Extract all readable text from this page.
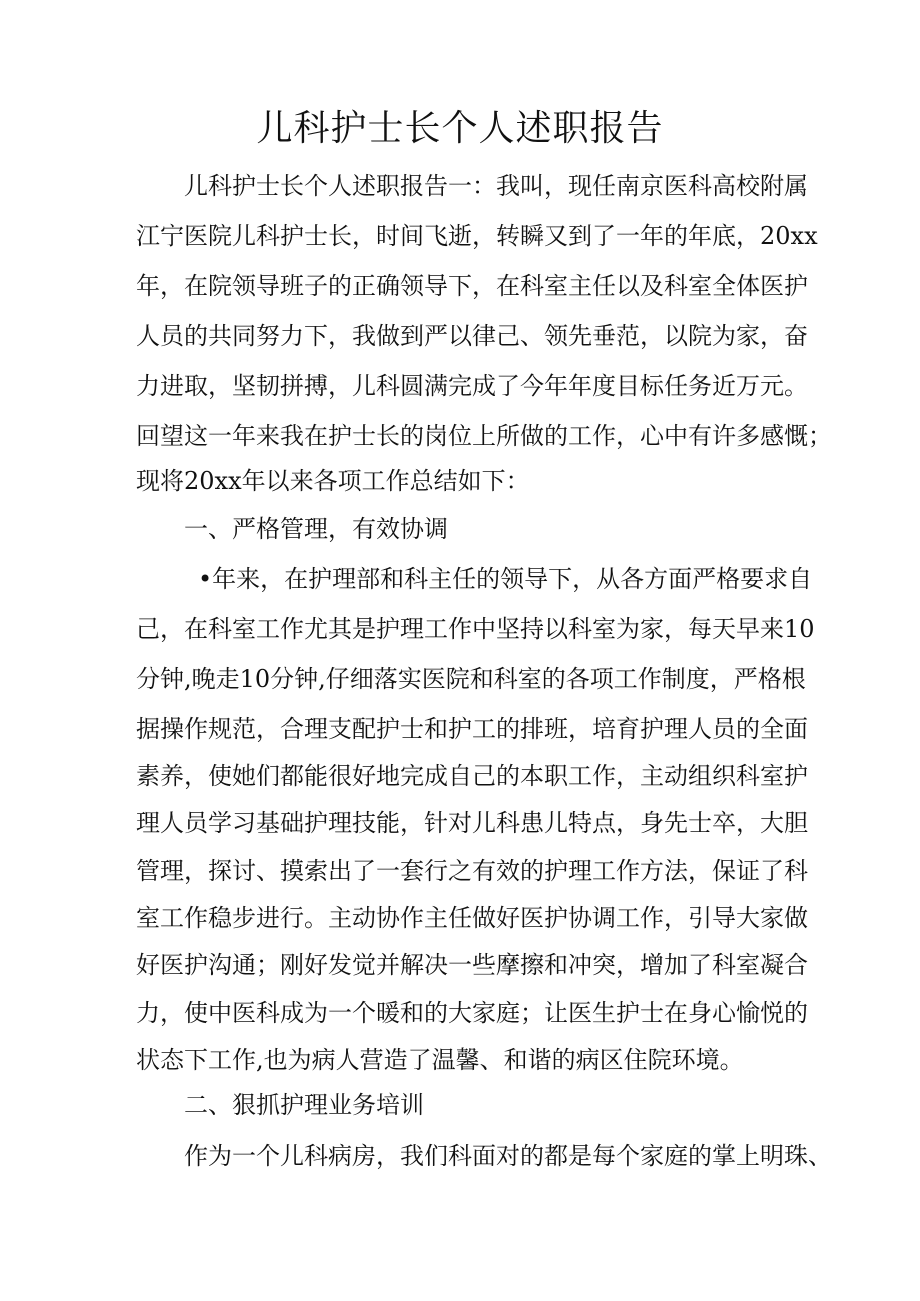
儿科护士长个人述职报告
儿科护士长个人述职报告一：我叫，现任南京医科高校附属
江宁医院儿科护士长，时间飞逝，转瞬又到了一年的年底，20xx
年，在院领导班子的正确领导下，在科室主任以及科室全体医护
人员的共同努力下，我做到严以律己、领先垂范，以院为家，奋
力进取，坚韧拼搏，儿科圆满完成了今年年度目标任务近万元。
回望这一年来我在护士长的岗位上所做的工作，心中有许多感慨；
现将20xx年以来各项工作总结如下：
一、严格管理，有效协调
•年来，在护理部和科主任的领导下，从各方面严格要求自
己，在科室工作尤其是护理工作中坚持以科室为家，每天早来10
分钟,晚走10分钟,仔细落实医院和科室的各项工作制度，严格根
据操作规范，合理支配护士和护工的排班，培育护理人员的全面
素养，使她们都能很好地完成自己的本职工作，主动组织科室护
理人员学习基础护理技能，针对儿科患儿特点，身先士卒，大胆
管理，探讨、摸索出了一套行之有效的护理工作方法，保证了科
室工作稳步进行。主动协作主任做好医护协调工作，引导大家做
好医护沟通；刚好发觉并解决一些摩擦和冲突，增加了科室凝合
力，使中医科成为一个暖和的大家庭；让医生护士在身心愉悦的
状态下工作,也为病人营造了温馨、和谐的病区住院环境。
二、狠抓护理业务培训
作为一个儿科病房，我们科面对的都是每个家庭的掌上明珠、
